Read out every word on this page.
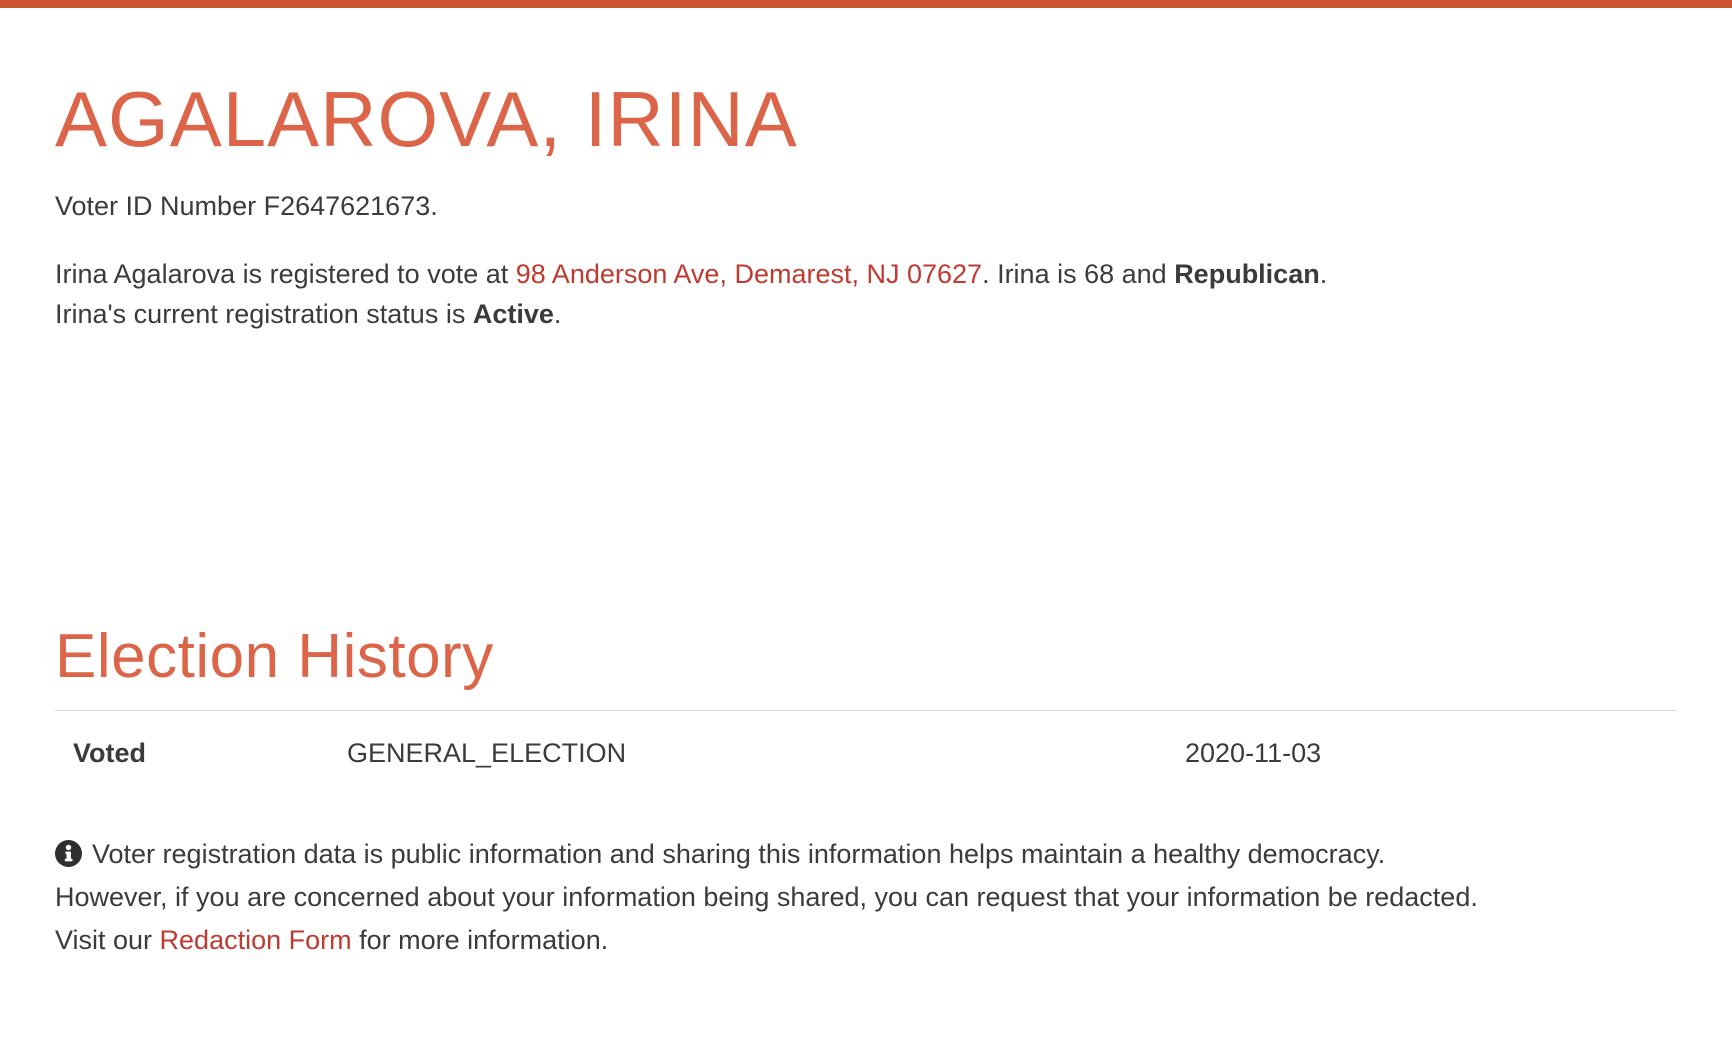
AGALAROVA, IRINA

Voter ID Number F2647621673.

Irina Agalarova is registered to vote at 98 Anderson Ave, Demarest, NJ 07627. Irina is 68 and Republican.
Irina's current registration status is Active.

Election History
Voted	GENERAL_ELECTION	2020-11-03

Voter registration data is public information and sharing this information helps maintain a healthy democracy.
However, if you are concerned about your information being shared, you can request that your information be redacted.
Visit our Redaction Form for more information.
